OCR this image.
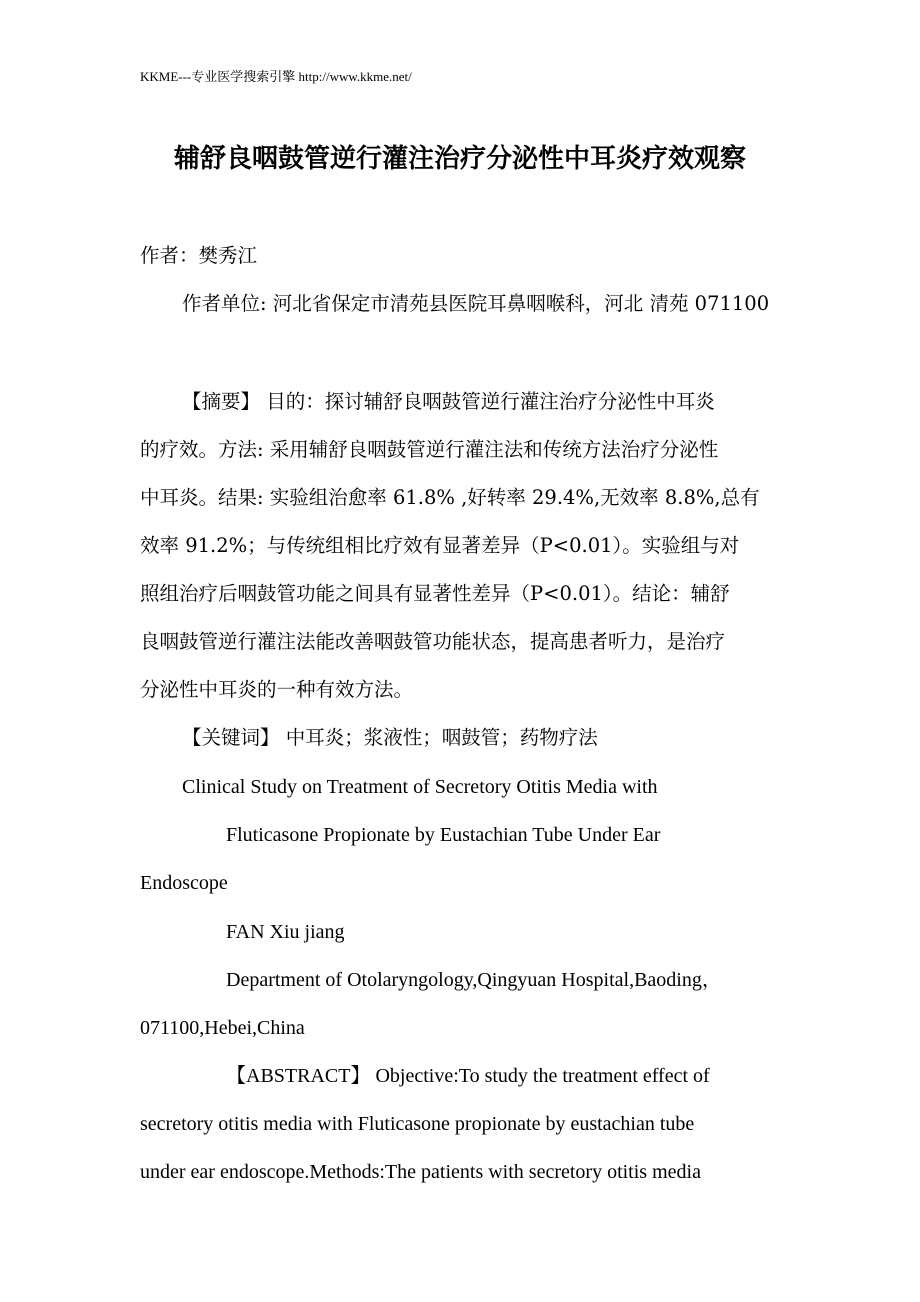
KKME---专业医学搜索引擎 http://www.kkme.net/
辅舒良咽鼓管逆行灌注治疗分泌性中耳炎疗效观察
作者：樊秀江
作者单位: 河北省保定市清苑县医院耳鼻咽喉科，河北 清苑 071100
【摘要】 目的：探讨辅舒良咽鼓管逆行灌注治疗分泌性中耳炎
的疗效。方法: 采用辅舒良咽鼓管逆行灌注法和传统方法治疗分泌性
中耳炎。结果: 实验组治愈率 61.8% ,好转率 29.4%,无效率 8.8%,总有
效率 91.2%；与传统组相比疗效有显著差异（P<0.01）。实验组与对
照组治疗后咽鼓管功能之间具有显著性差异（P<0.01）。结论：辅舒
良咽鼓管逆行灌注法能改善咽鼓管功能状态，提高患者听力，是治疗
分泌性中耳炎的一种有效方法。
【关键词】 中耳炎；浆液性；咽鼓管；药物疗法
Clinical Study on Treatment of Secretory Otitis Media with
Fluticasone Propionate by Eustachian Tube Under Ear
Endoscope
FAN Xiu jiang
Department of Otolaryngology,Qingyuan Hospital,Baoding，
071100,Hebei,China
【ABSTRACT】 Objective:To study the treatment effect of
secretory otitis media with Fluticasone propionate by eustachian tube
under ear endoscope.Methods:The patients with secretory otitis media
